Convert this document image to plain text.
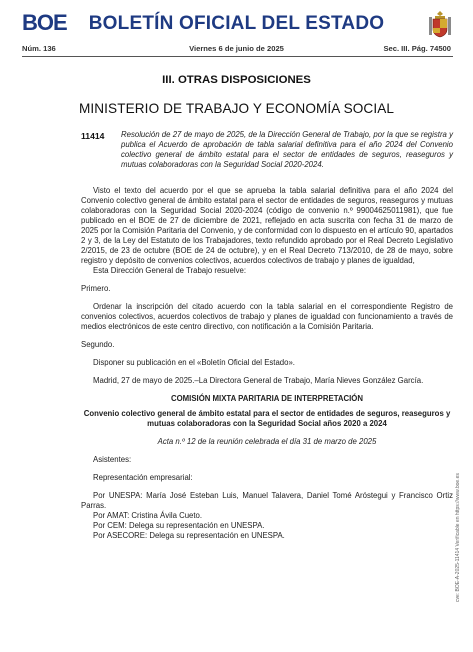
BOE	BOLETÍN OFICIAL DEL ESTADO
Núm. 136	Viernes 6 de junio de 2025	Sec. III. Pág. 74500
III. OTRAS DISPOSICIONES
MINISTERIO DE TRABAJO Y ECONOMÍA SOCIAL
11414 Resolución de 27 de mayo de 2025, de la Dirección General de Trabajo, por la que se registra y publica el Acuerdo de aprobación de tabla salarial definitiva para el año 2024 del Convenio colectivo general de ámbito estatal para el sector de entidades de seguros, reaseguros y mutuas colaboradoras con la Seguridad Social 2020-2024.

Visto el texto del acuerdo por el que se aprueba la tabla salarial definitiva para el año 2024 del Convenio colectivo general de ámbito estatal para el sector de entidades de seguros, reaseguros y mutuas colaboradoras con la Seguridad Social 2020-2024 (código de convenio n.º 99004625011981), que fue publicado en el BOE de 27 de diciembre de 2021, reflejado en acta suscrita con fecha 31 de marzo de 2025 por la Comisión Paritaria del Convenio, y de conformidad con lo dispuesto en el artículo 90, apartados 2 y 3, de la Ley del Estatuto de los Trabajadores, texto refundido aprobado por el Real Decreto Legislativo 2/2015, de 23 de octubre (BOE de 24 de octubre), y en el Real Decreto 713/2010, de 28 de mayo, sobre registro y depósito de convenios colectivos, acuerdos colectivos de trabajo y planes de igualdad,

Esta Dirección General de Trabajo resuelve:

Primero.

Ordenar la inscripción del citado acuerdo con la tabla salarial en el correspondiente Registro de convenios colectivos, acuerdos colectivos de trabajo y planes de igualdad con funcionamiento a través de medios electrónicos de este centro directivo, con notificación a la Comisión Paritaria.

Segundo.

Disponer su publicación en el «Boletín Oficial del Estado».

Madrid, 27 de mayo de 2025.–La Directora General de Trabajo, María Nieves González García.

COMISIÓN MIXTA PARITARIA DE INTERPRETACIÓN

Convenio colectivo general de ámbito estatal para el sector de entidades de seguros, reaseguros y mutuas colaboradoras con la Seguridad Social años 2020 a 2024

Acta n.º 12 de la reunión celebrada el día 31 de marzo de 2025

Asistentes:

Representación empresarial:

Por UNESPA: María José Esteban Luis, Manuel Talavera, Daniel Tomé Aróstegui y Francisco Ortiz Parras.

Por AMAT: Cristina Ávila Cueto.

Por CEM: Delega su representación en UNESPA.

Por ASECORE: Delega su representación en UNESPA.	cve: BOE-A-2025-11414 Verificable en https://www.boe.es
